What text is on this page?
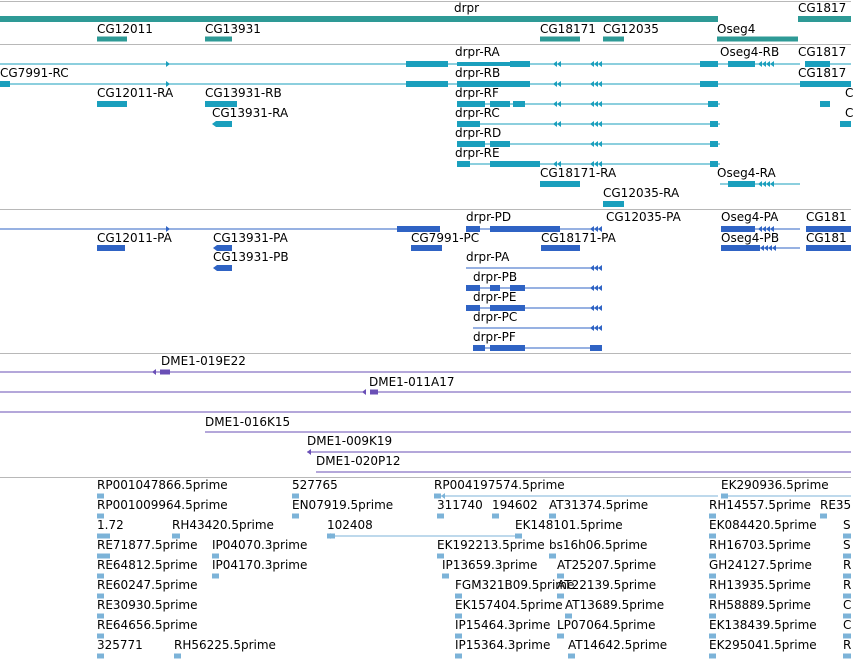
drpr
CG12011	CG13931	CG18171 CG12035	Oseg4
CG1817
drpr-RA	Oseg4-RB CG1817
CG7991-RC	drpr-RB	CG1817
CG12011-RA	CG13931-RB	drpr-RF	C
CG13931-RA	drpr-RC	C
drpr-RD
drpr-RE
CG18171-RA	Oseg4-RA
CG12035-RA
drpr-PD	CG12035-PA	Oseg4-PA CG181
CG12011-PA	CG13931-PA	CG7991-PC	CG18171-PA	Oseg4-PB CG181
CG13931-PB	drpr-PA
drpr-PB
drpr-PE
drpr-PC
drpr-PF
DME1-019E22
DME1-011A17
DME1-016K15
DME1-009K19
DME1-020P12
RP001047866.5prime	527765	RP004197574.5prime	EK290936.5prime
RP001009964.5prime	EN07919.5prime	311740 194602 AT31374.5prime	RH14557.5prime RE35
1.72	RH43420.5prime	102408	EK148101.5prime	EK084420.5prime S
RE71877.5prime IP04070.3prime	EK192213.5prime bs16h06.5prime	RH16703.5prime	S
RE64812.5prime IP04170.3prime	IP13659.3prime AT25207.5prime	GH24127.5prime	R
RE60247.5prime	FGM321B09.5prime
AT22139.5prime	RH13935.5prime	R
RE30930.5prime	EK157404.5prime AT13689.5prime	RH58889.5prime	C
RE64656.5prime	IP15464.3prime LP07064.5prime	EK138439.5prime C
325771	RH56225.5prime	IP15364.3prime AT14642.5prime	EK295041.5prime R
